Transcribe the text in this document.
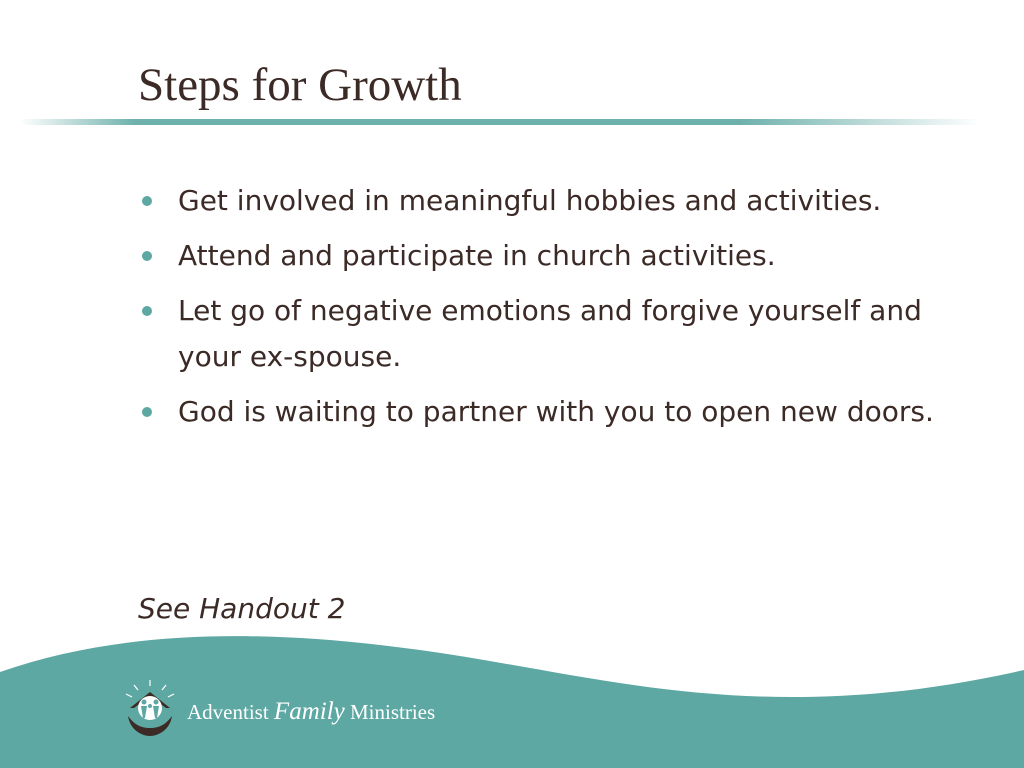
Steps for Growth
Get involved in meaningful hobbies and activities.
Attend and participate in church activities.
Let go of negative emotions and forgive yourself and your ex-spouse.
God is waiting to partner with you to open new doors.
See Handout 2
Adventist Family Ministries
